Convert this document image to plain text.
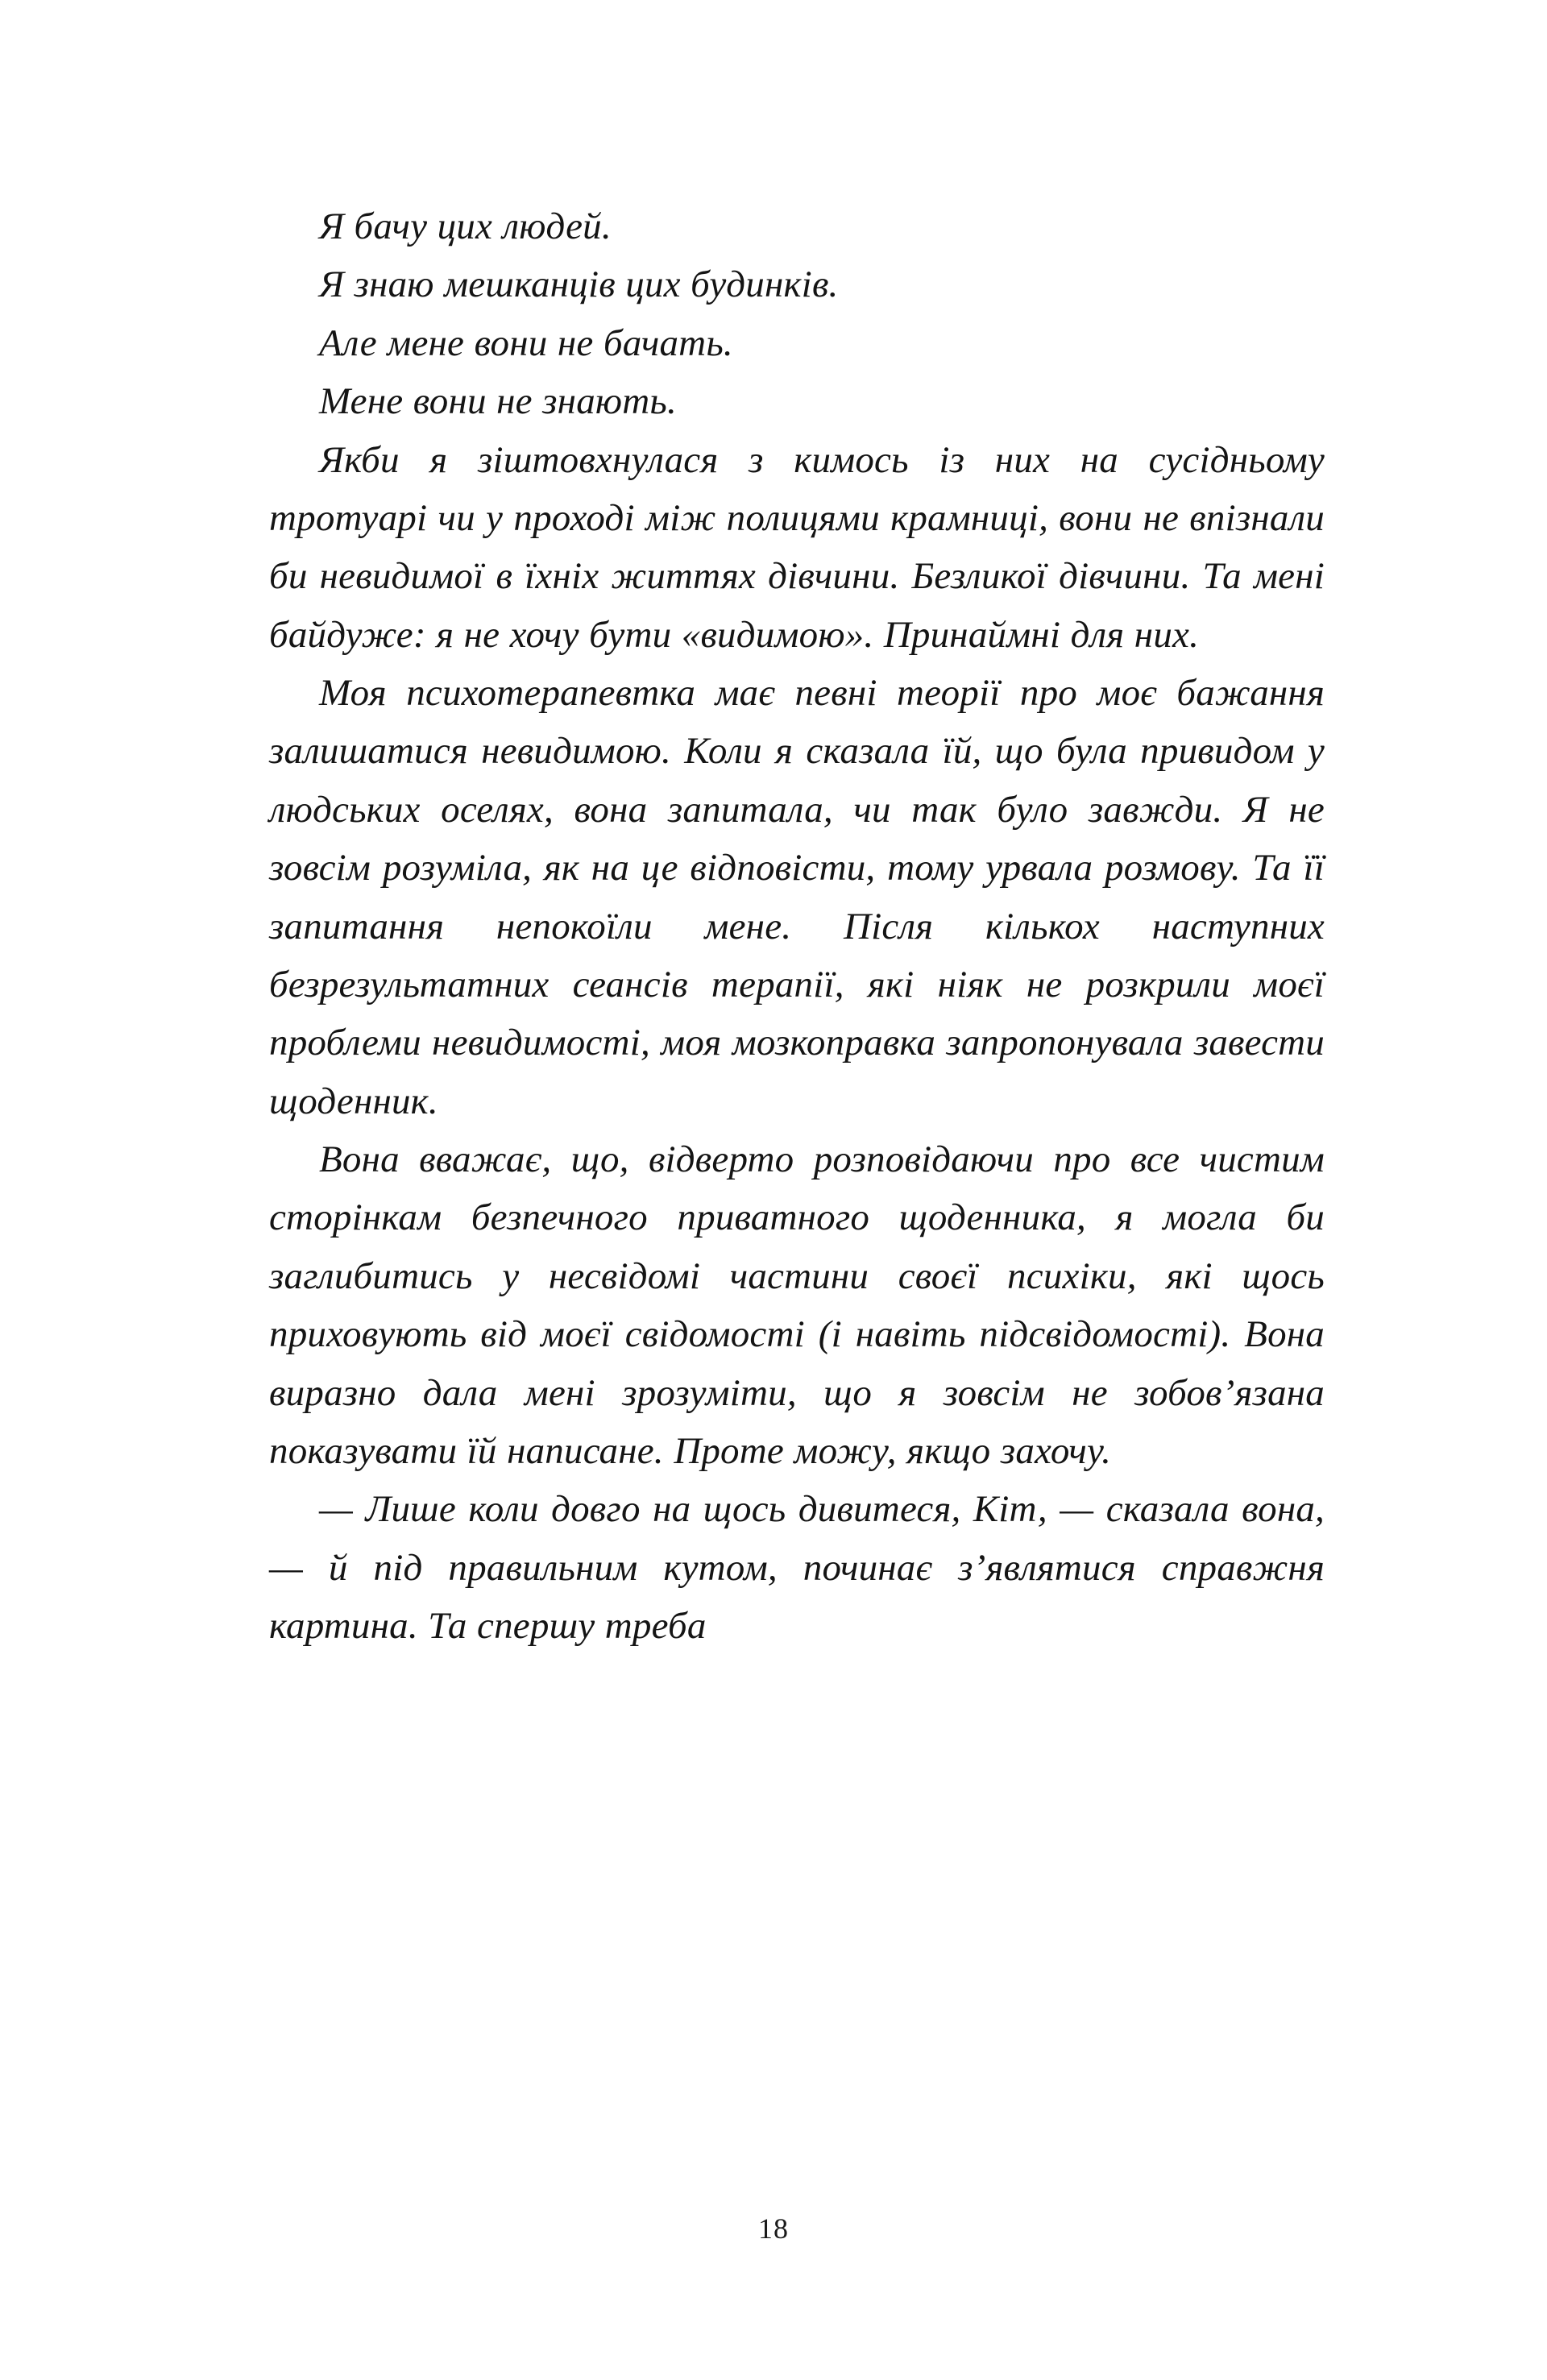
Я бачу цих людей.

Я знаю мешканців цих будинків.

Але мене вони не бачать.

Мене вони не знають.

Якби я зіштовхнулася з кимось із них на сусідньому тротуарі чи у проході між полицями крамниці, вони не впізнали би невидимої в їхніх життях дівчини. Безликої дівчини. Та мені байдуже: я не хочу бути «видимою». Принаймні для них.

Моя психотерапевтка має певні теорії про моє бажання залишатися невидимою. Коли я сказала їй, що була привидом у людських оселях, вона запитала, чи так було завжди. Я не зовсім розуміла, як на це відповісти, тому урвала розмову. Та її запитання непокоїли мене. Після кількох наступних безрезультатних сеансів терапії, які ніяк не розкрили моєї проблеми невидимості, моя мозкоправка запропонувала завести щоденник.

Вона вважає, що, відверто розповідаючи про все чистим сторінкам безпечного приватного щоденника, я могла би заглибитись у несвідомі частини своєї психіки, які щось приховують від моєї свідомості (і навіть підсвідомості). Вона виразно дала мені зрозуміти, що я зовсім не зобов’язана показувати їй написане. Проте можу, якщо захочу.

— Лише коли довго на щось дивитеся, Кіт, — сказала вона, — й під правильним кутом, починає з’являтися справжня картина. Та спершу треба

18
